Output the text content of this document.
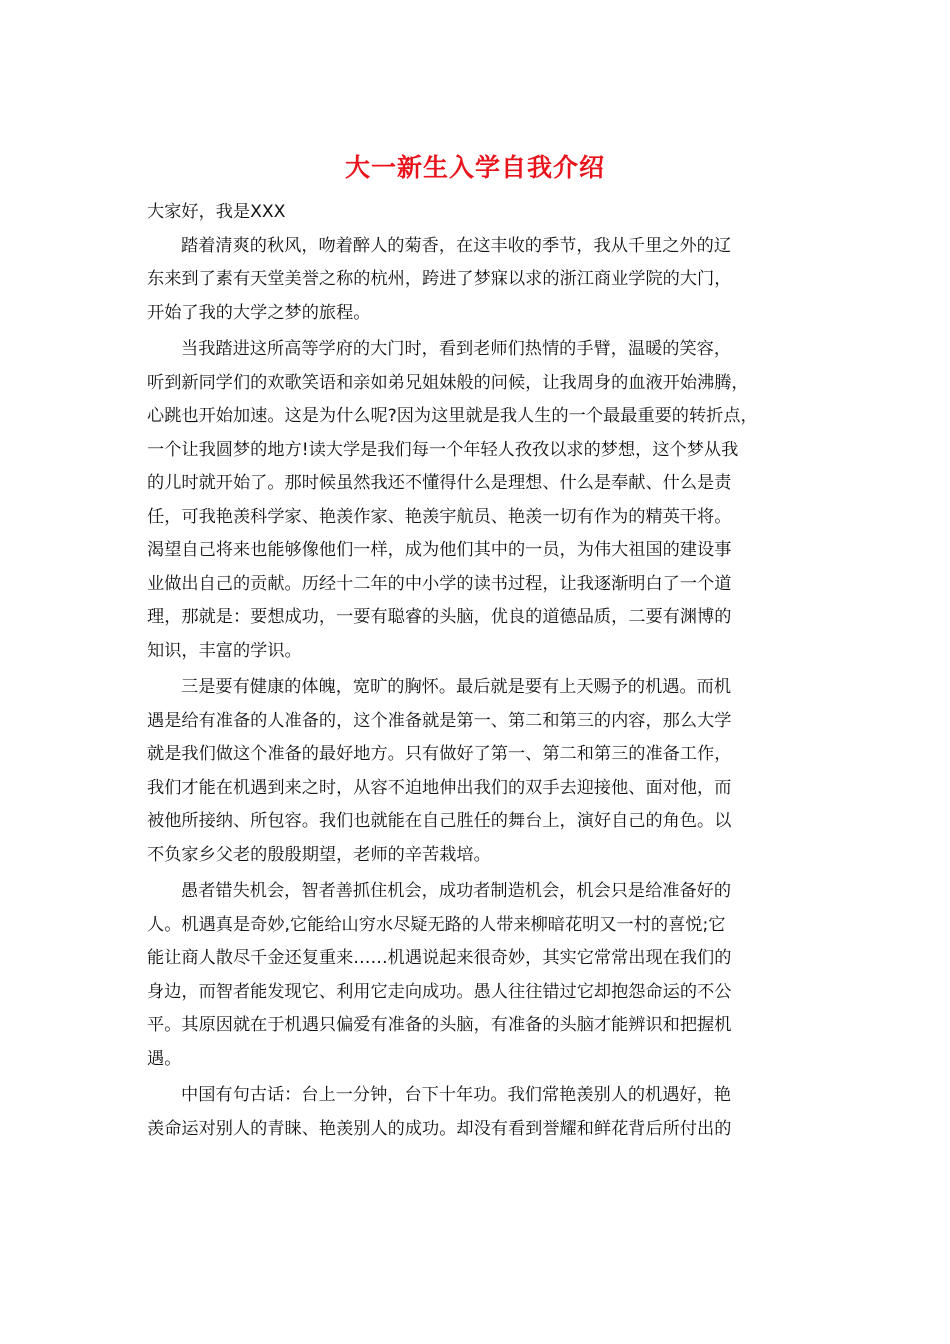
大一新生入学自我介绍
大家好，我是XXX
踏着清爽的秋风，吻着醉人的菊香，在这丰收的季节，我从千里之外的辽
东来到了素有天堂美誉之称的杭州，跨进了梦寐以求的浙江商业学院的大门，
开始了我的大学之梦的旅程。
当我踏进这所高等学府的大门时，看到老师们热情的手臂，温暖的笑容，
听到新同学们的欢歌笑语和亲如弟兄姐妹般的问候，让我周身的血液开始沸腾，
心跳也开始加速。这是为什么呢?因为这里就是我人生的一个最最重要的转折点，
一个让我圆梦的地方!读大学是我们每一个年轻人孜孜以求的梦想，这个梦从我
的儿时就开始了。那时候虽然我还不懂得什么是理想、什么是奉献、什么是责
任，可我艳羡科学家、艳羡作家、艳羡宇航员、艳羡一切有作为的精英干将。
渴望自己将来也能够像他们一样，成为他们其中的一员，为伟大祖国的建设事
业做出自己的贡献。历经十二年的中小学的读书过程，让我逐渐明白了一个道
理，那就是：要想成功，一要有聪睿的头脑，优良的道德品质，二要有渊博的
知识，丰富的学识。
三是要有健康的体魄，宽旷的胸怀。最后就是要有上天赐予的机遇。而机
遇是给有准备的人准备的，这个准备就是第一、第二和第三的内容，那么大学
就是我们做这个准备的最好地方。只有做好了第一、第二和第三的准备工作，
我们才能在机遇到来之时，从容不迫地伸出我们的双手去迎接他、面对他，而
被他所接纳、所包容。我们也就能在自己胜任的舞台上，演好自己的角色。以
不负家乡父老的殷殷期望，老师的辛苦栽培。
愚者错失机会，智者善抓住机会，成功者制造机会，机会只是给准备好的
人。机遇真是奇妙,它能给山穷水尽疑无路的人带来柳暗花明又一村的喜悦;它
能让商人散尽千金还复重来……机遇说起来很奇妙，其实它常常出现在我们的
身边，而智者能发现它、利用它走向成功。愚人往往错过它却抱怨命运的不公
平。其原因就在于机遇只偏爱有准备的头脑，有准备的头脑才能辨识和把握机
遇。
中国有句古话：台上一分钟，台下十年功。我们常艳羡别人的机遇好，艳
羡命运对别人的青睐、艳羡别人的成功。却没有看到誉耀和鲜花背后所付出的
